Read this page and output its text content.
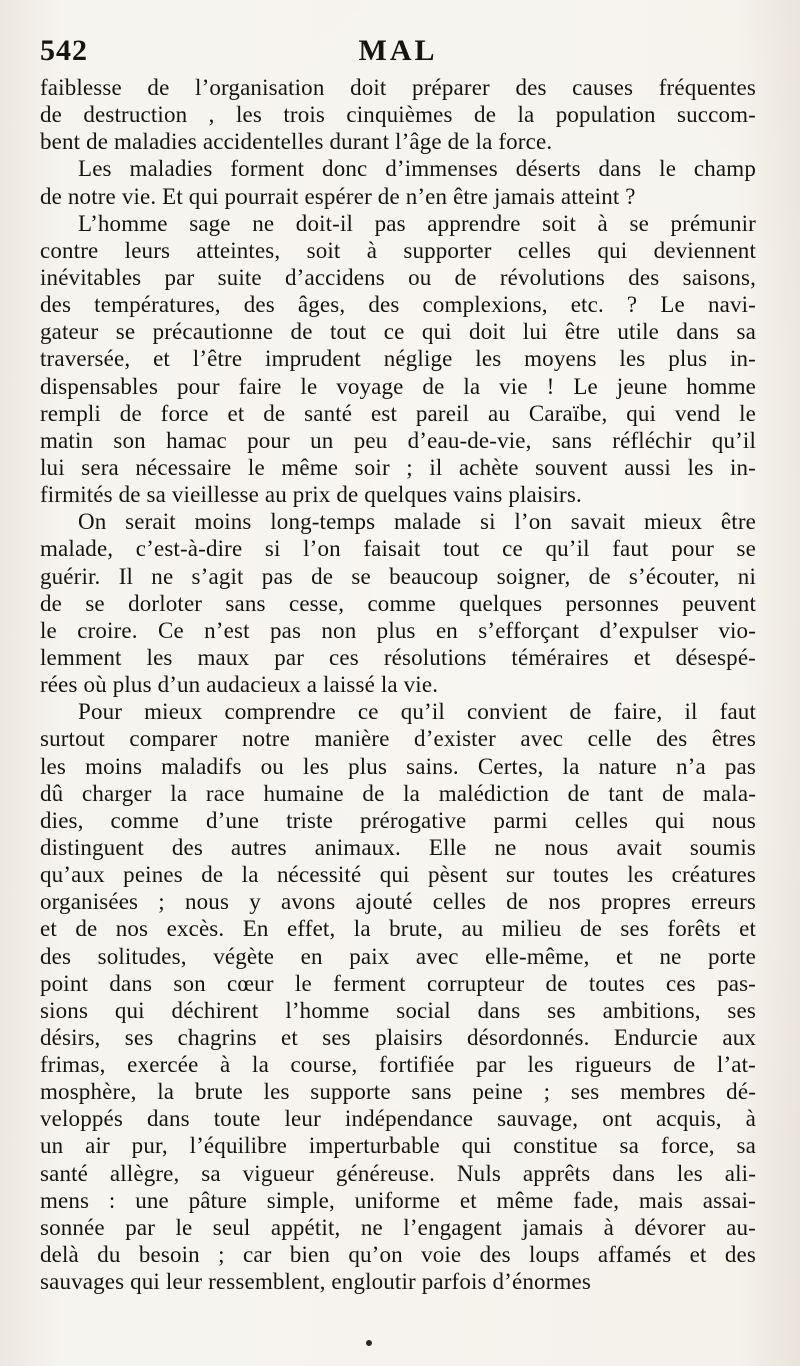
542	MAL
faiblesse de l’organisation doit préparer des causes fréquentes
de destruction , les trois cinquièmes de la population succom-
bent de maladies accidentelles durant l’âge de la force.
Les maladies forment donc d’immenses déserts dans le champ
de notre vie. Et qui pourrait espérer de n’en être jamais atteint ?
L’homme sage ne doit-il pas apprendre soit à se prémunir
contre leurs atteintes, soit à supporter celles qui deviennent
inévitables par suite d’accidens ou de révolutions des saisons,
des températures, des âges, des complexions, etc. ? Le navi-
gateur se précautionne de tout ce qui doit lui être utile dans sa
traversée, et l’être imprudent néglige les moyens les plus in-
dispensables pour faire le voyage de la vie ! Le jeune homme
rempli de force et de santé est pareil au Caraïbe, qui vend le
matin son hamac pour un peu d’eau-de-vie, sans réfléchir qu’il
lui sera nécessaire le même soir ; il achète souvent aussi les in-
firmités de sa vieillesse au prix de quelques vains plaisirs.
On serait moins long-temps malade si l’on savait mieux être
malade, c’est-à-dire si l’on faisait tout ce qu’il faut pour se
guérir. Il ne s’agit pas de se beaucoup soigner, de s’écouter, ni
de se dorloter sans cesse, comme quelques personnes peuvent
le croire. Ce n’est pas non plus en s’efforçant d’expulser vio-
lemment les maux par ces résolutions téméraires et désespé-
rées où plus d’un audacieux a laissé la vie.
Pour mieux comprendre ce qu’il convient de faire, il faut
surtout comparer notre manière d’exister avec celle des êtres
les moins maladifs ou les plus sains. Certes, la nature n’a pas
dû charger la race humaine de la malédiction de tant de mala-
dies, comme d’une triste prérogative parmi celles qui nous
distinguent des autres animaux. Elle ne nous avait soumis
qu’aux peines de la nécessité qui pèsent sur toutes les créatures
organisées ; nous y avons ajouté celles de nos propres erreurs
et de nos excès. En effet, la brute, au milieu de ses forêts et
des solitudes, végète en paix avec elle-même, et ne porte
point dans son cœur le ferment corrupteur de toutes ces pas-
sions qui déchirent l’homme social dans ses ambitions, ses
désirs, ses chagrins et ses plaisirs désordonnés. Endurcie aux
frimas, exercée à la course, fortifiée par les rigueurs de l’at-
mosphère, la brute les supporte sans peine ; ses membres dé-
veloppés dans toute leur indépendance sauvage, ont acquis, à
un air pur, l’équilibre imperturbable qui constitue sa force, sa
santé allègre, sa vigueur généreuse. Nuls apprêts dans les ali-
mens : une pâture simple, uniforme et même fade, mais assai-
sonnée par le seul appétit, ne l’engagent jamais à dévorer au-
delà du besoin ; car bien qu’on voie des loups affamés et des
sauvages qui leur ressemblent, engloutir parfois d’énormes
